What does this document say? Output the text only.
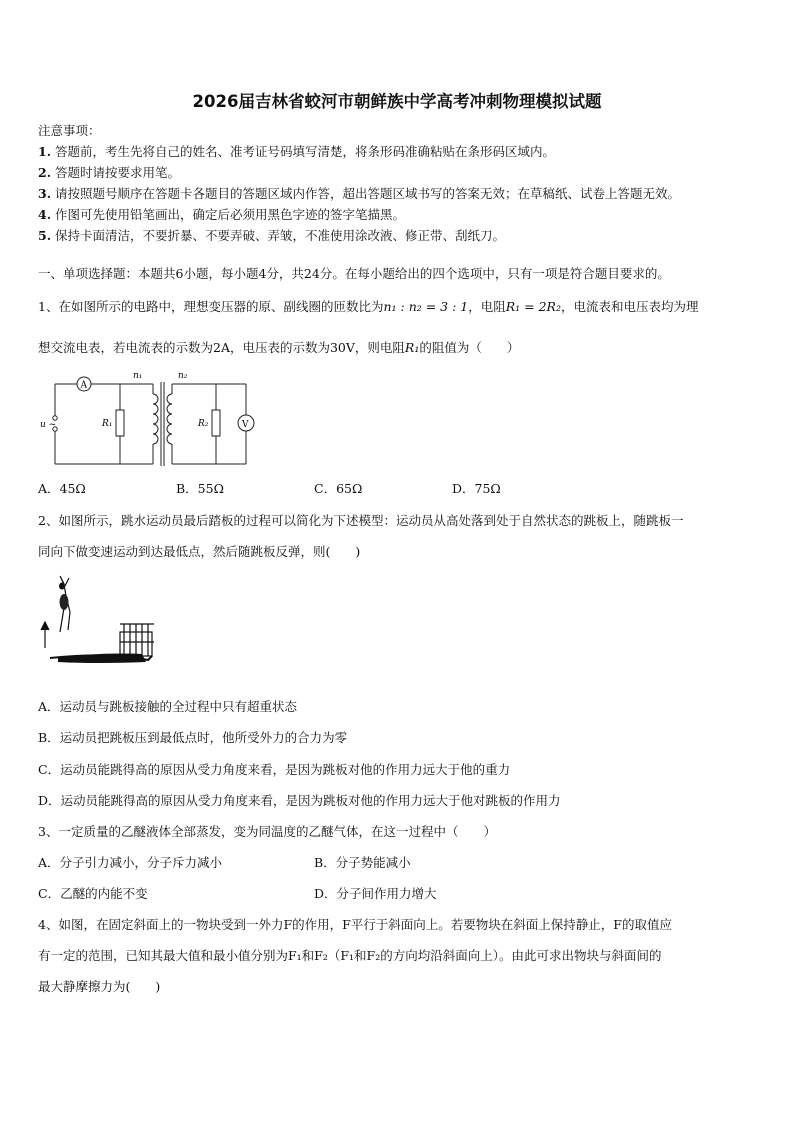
2026届吉林省蛟河市朝鲜族中学高考冲刺物理模拟试题
注意事项：
1. 答题前，考生先将自己的姓名、准考证号码填写清楚，将条形码准确粘贴在条形码区域内。
2. 答题时请按要求用笔。
3. 请按照题号顺序在答题卡各题目的答题区域内作答，超出答题区域书写的答案无效；在草稿纸、试卷上答题无效。
4. 作图可先使用铅笔画出，确定后必须用黑色字迹的签字笔描黑。
5. 保持卡面清洁，不要折暴、不要弄破、弄皱，不准使用涂改液、修正带、刮纸刀。
一、单项选择题：本题共6小题，每小题4分，共24分。在每小题给出的四个选项中，只有一项是符合题目要求的。
1、在如图所示的电路中，理想变压器的原、副线圈的匝数比为n₁ : n₂ = 3 : 1，电阻R₁ = 2R₂，电流表和电压表均为理
想交流电表，若电流表的示数为2A，电压表的示数为30V，则电阻R₁的阻值为（　　）
A
V
n₁	n₂
u ~	R₁	R₂
A．45Ω	B．55Ω	C．65Ω	D．75Ω
2、如图所示，跳水运动员最后踏板的过程可以简化为下述模型：运动员从高处落到处于自然状态的跳板上，随跳板一
同向下做变速运动到达最低点，然后随跳板反弹，则(　　)
A．运动员与跳板接触的全过程中只有超重状态
B．运动员把跳板压到最低点时，他所受外力的合力为零
C．运动员能跳得高的原因从受力角度来看，是因为跳板对他的作用力远大于他的重力
D．运动员能跳得高的原因从受力角度来看，是因为跳板对他的作用力远大于他对跳板的作用力
3、一定质量的乙醚液体全部蒸发，变为同温度的乙醚气体，在这一过程中（　　）
A．分子引力减小，分子斥力减小	B．分子势能减小
C．乙醚的内能不变	D．分子间作用力增大
4、如图，在固定斜面上的一物块受到一外力F的作用，F平行于斜面向上。若要物块在斜面上保持静止，F的取值应
有一定的范围，已知其最大值和最小值分别为F₁和F₂（F₁和F₂的方向均沿斜面向上）。由此可求出物块与斜面间的
最大静摩擦力为(　　)
